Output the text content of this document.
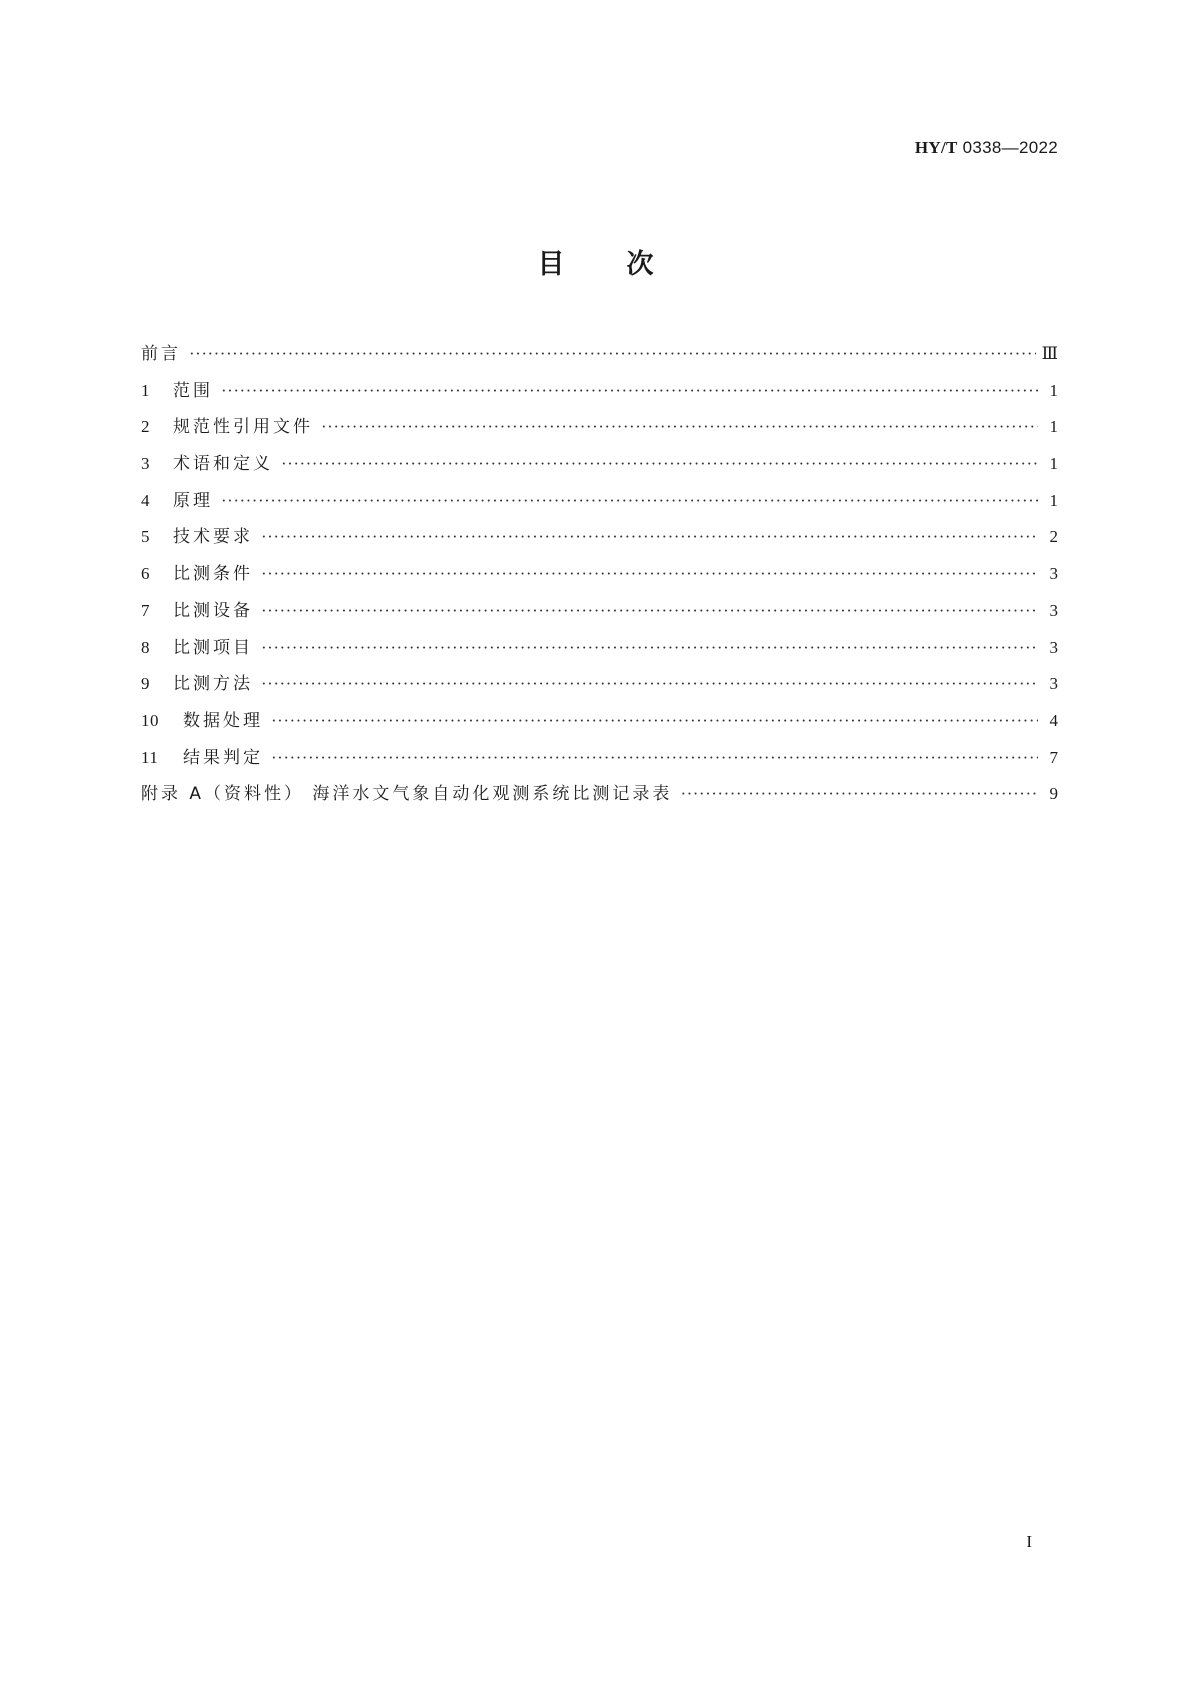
HY/T 0338—2022
目次
前言 ·····	Ⅲ
1	范围 ·····	1
2	规范性引用文件 ·····	1
3	术语和定义 ·····	1
4	原理 ·····	1
5	技术要求 ·····	2
6	比测条件 ·····	3
7	比测设备 ·····	3
8	比测项目 ·····	3
9	比测方法 ·····	3
10	数据处理 ·····	4
11	结果判定 ·····	7
附录 A（资料性） 海洋水文气象自动化观测系统比测记录表 ·····	9
I
